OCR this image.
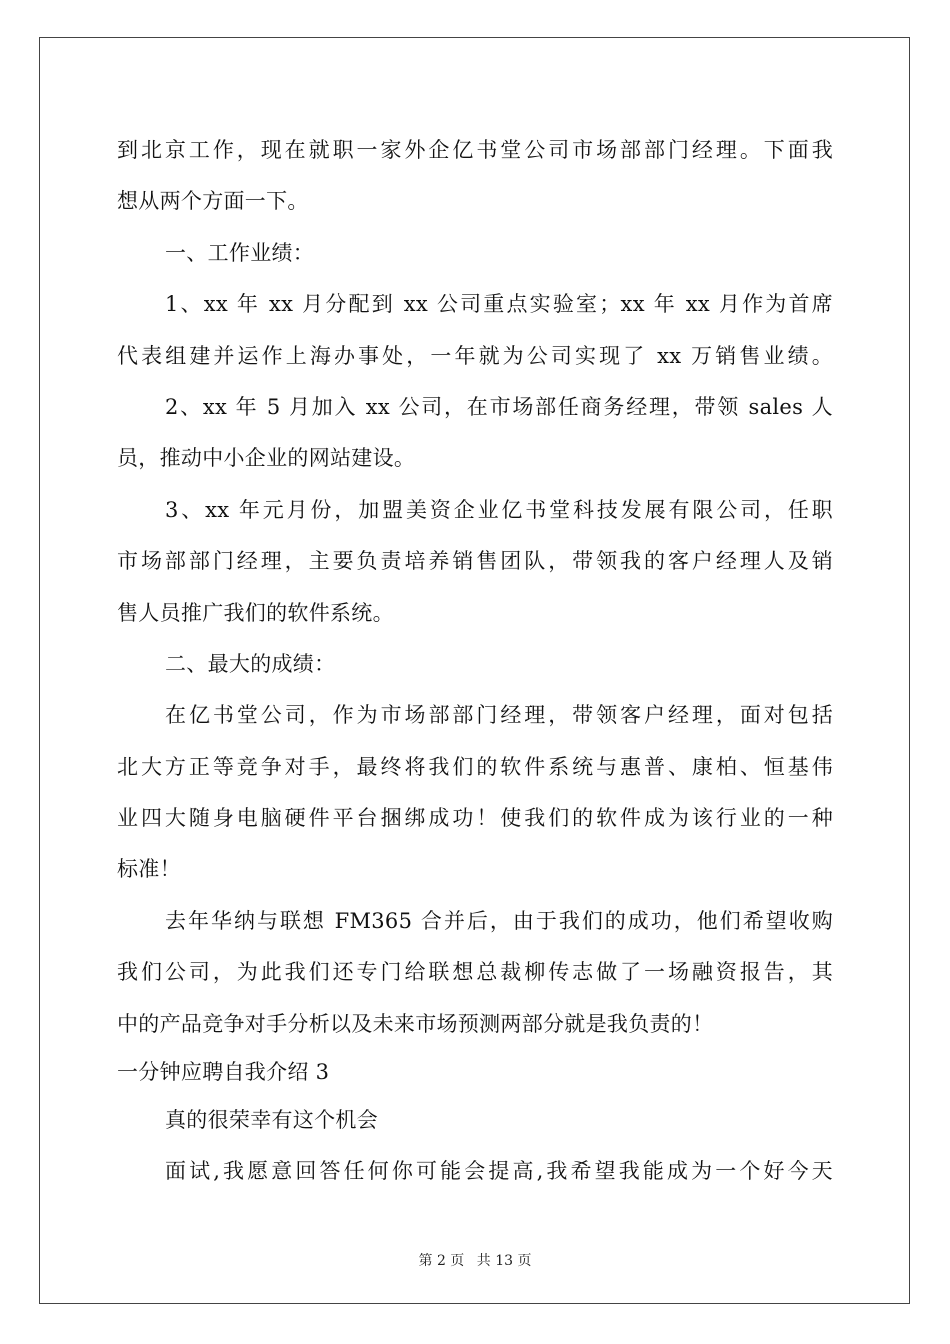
到北京工作，现在就职一家外企亿书堂公司市场部部门经理。下面我
想从两个方面一下。
一、工作业绩：
1、xx 年 xx 月分配到 xx 公司重点实验室；xx 年 xx 月作为首席
代表组建并运作上海办事处，一年就为公司实现了 xx 万销售业绩。
2、xx 年 5 月加入 xx 公司，在市场部任商务经理，带领 sales 人
员，推动中小企业的网站建设。
3、xx 年元月份，加盟美资企业亿书堂科技发展有限公司，任职
市场部部门经理，主要负责培养销售团队，带领我的客户经理人及销
售人员推广我们的软件系统。
二、最大的成绩：
在亿书堂公司，作为市场部部门经理，带领客户经理，面对包括
北大方正等竞争对手，最终将我们的软件系统与惠普、康柏、恒基伟
业四大随身电脑硬件平台捆绑成功！使我们的软件成为该行业的一种
标准！
去年华纳与联想 FM365 合并后，由于我们的成功，他们希望收购
我们公司，为此我们还专门给联想总裁柳传志做了一场融资报告，其
中的产品竞争对手分析以及未来市场预测两部分就是我负责的！
一分钟应聘自我介绍 3
真的很荣幸有这个机会
面试,我愿意回答任何你可能会提高,我希望我能成为一个好今天
第 2 页 共 13 页
